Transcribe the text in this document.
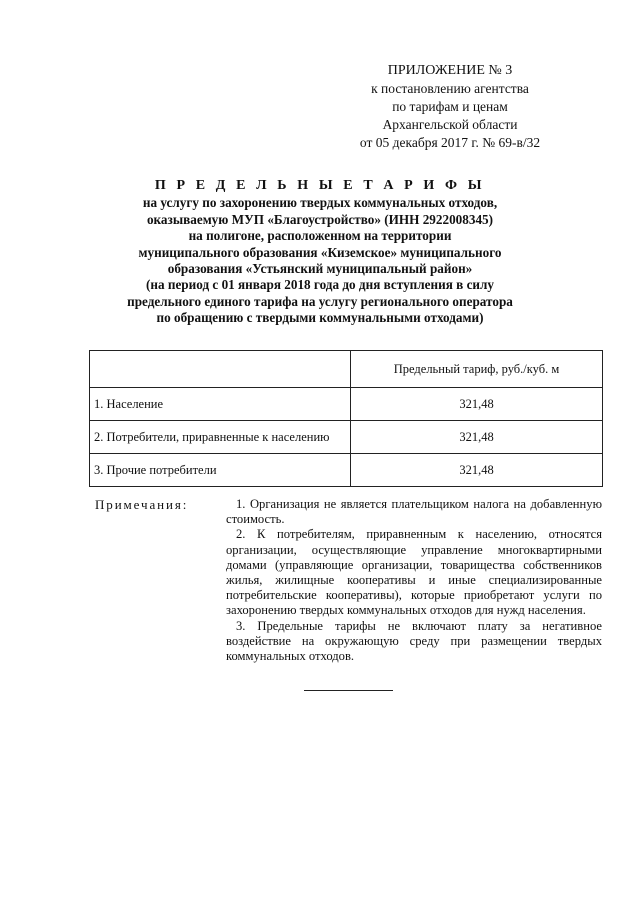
ПРИЛОЖЕНИЕ № 3
к постановлению агентства
по тарифам и ценам
Архангельской области
от 05 декабря 2017 г. № 69-в/32
П Р Е Д Е Л Ь Н Ы Е Т А Р И Ф Ы
на услугу по захоронению твердых коммунальных отходов,
оказываемую МУП «Благоустройство» (ИНН 2922008345)
на полигоне, расположенном на территории
муниципального образования «Киземское» муниципального
образования «Устьянский муниципальный район»
(на период с 01 января 2018 года до дня вступления в силу
предельного единого тарифа на услугу регионального оператора
по обращению с твердыми коммунальными отходами)
	Предельный тариф, руб./куб. м
1. Население	321,48
2. Потребители, приравненные к населению	321,48
3. Прочие потребители	321,48
Примечания:	1. Организация не является плательщиком налога на добавленную стоимость.

2. К потребителям, приравненным к населению, относятся организации, осуществляющие управление многоквартирными домами (управляющие организации, товарищества собственников жилья, жилищные кооперативы и иные специализированные потребительские кооперативы), которые приобретают услуги по захоронению твердых коммунальных отходов для нужд населения.

3. Предельные тарифы не включают плату за негативное воздействие на окружающую среду при размещении твердых коммунальных отходов.
